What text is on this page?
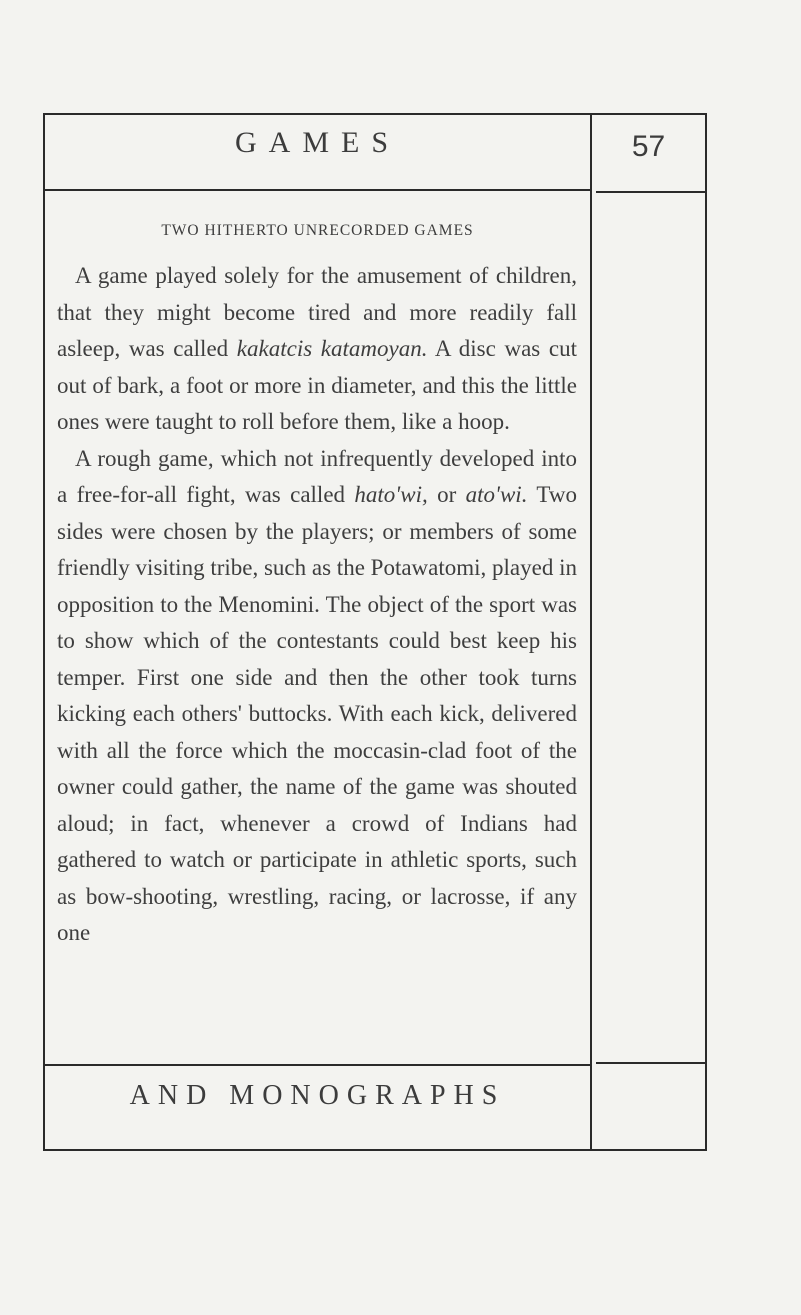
GAMES	57
TWO HITHERTO UNRECORDED GAMES

A game played solely for the amusement of children, that they might become tired and more readily fall asleep, was called kakatcis katamoyan. A disc was cut out of bark, a foot or more in diameter, and this the little ones were taught to roll before them, like a hoop.

A rough game, which not infrequently developed into a free-for-all fight, was called hato'wi, or ato'wi. Two sides were chosen by the players; or members of some friendly visiting tribe, such as the Potawatomi, played in opposition to the Menomini. The object of the sport was to show which of the contestants could best keep his temper. First one side and then the other took turns kicking each others' buttocks. With each kick, delivered with all the force which the moccasin-clad foot of the owner could gather, the name of the game was shouted aloud; in fact, whenever a crowd of Indians had gathered to watch or participate in athletic sports, such as bow-shooting, wrestling, racing, or lacrosse, if any one

AND MONOGRAPHS
